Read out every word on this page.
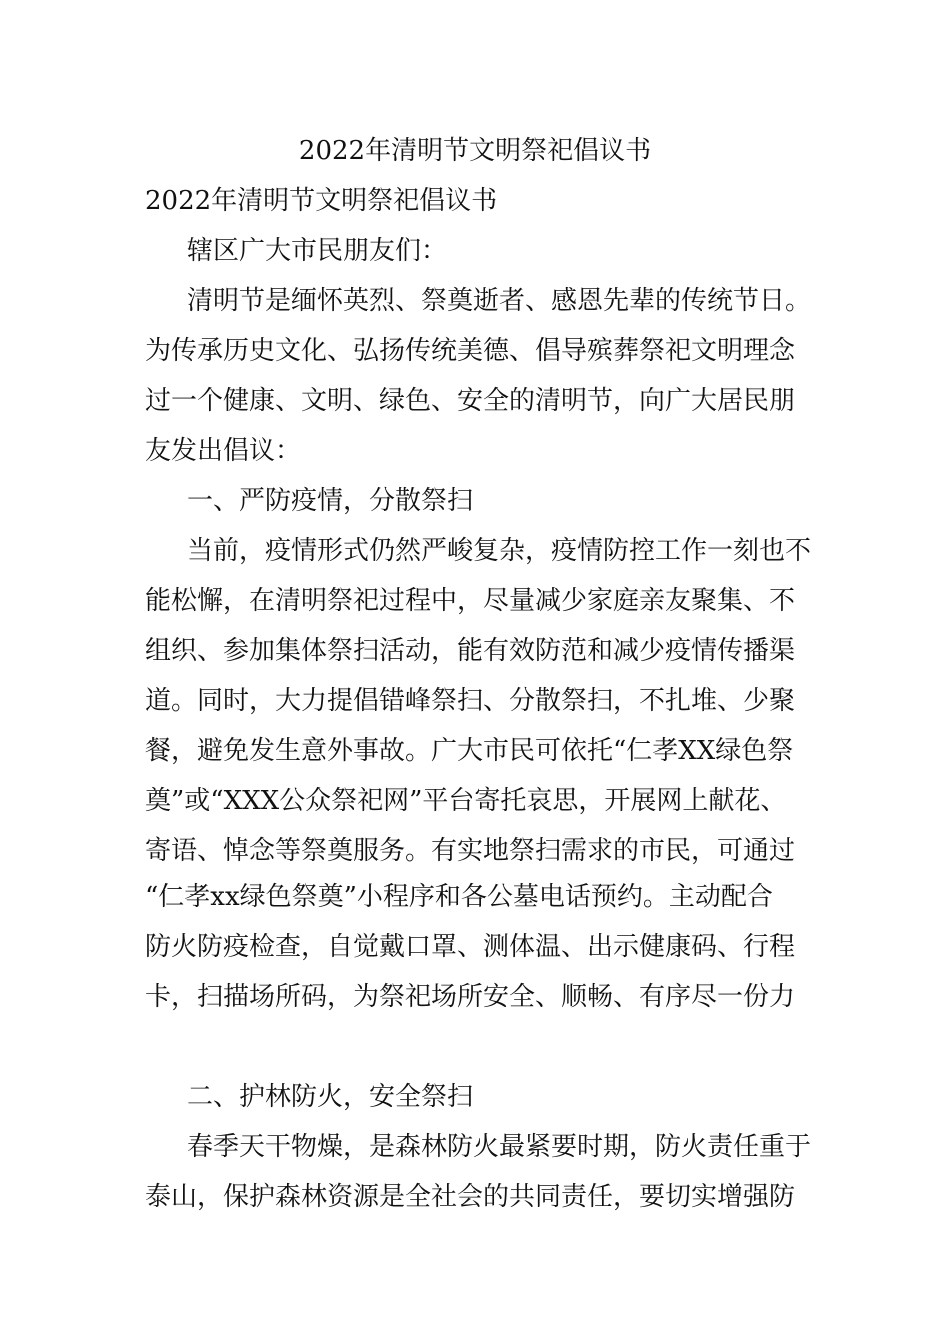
2022年清明节文明祭祀倡议书
2022年清明节文明祭祀倡议书
辖区广大市民朋友们：
清明节是缅怀英烈、祭奠逝者、感恩先辈的传统节日。
为传承历史文化、弘扬传统美德、倡导殡葬祭祀文明理念
过一个健康、文明、绿色、安全的清明节，向广大居民朋
友发出倡议：
一、严防疫情，分散祭扫
当前，疫情形式仍然严峻复杂，疫情防控工作一刻也不
能松懈，在清明祭祀过程中，尽量减少家庭亲友聚集、不
组织、参加集体祭扫活动，能有效防范和减少疫情传播渠
道。同时，大力提倡错峰祭扫、分散祭扫，不扎堆、少聚
餐，避免发生意外事故。广大市民可依托“仁孝XX绿色祭
奠”或“XXX公众祭祀网”平台寄托哀思，开展网上献花、
寄语、悼念等祭奠服务。有实地祭扫需求的市民，可通过
“仁孝xx绿色祭奠”小程序和各公墓电话预约。主动配合
防火防疫检查，自觉戴口罩、测体温、出示健康码、行程
卡，扫描场所码，为祭祀场所安全、顺畅、有序尽一份力
二、护林防火，安全祭扫
春季天干物燥，是森林防火最紧要时期，防火责任重于
泰山，保护森林资源是全社会的共同责任，要切实增强防
